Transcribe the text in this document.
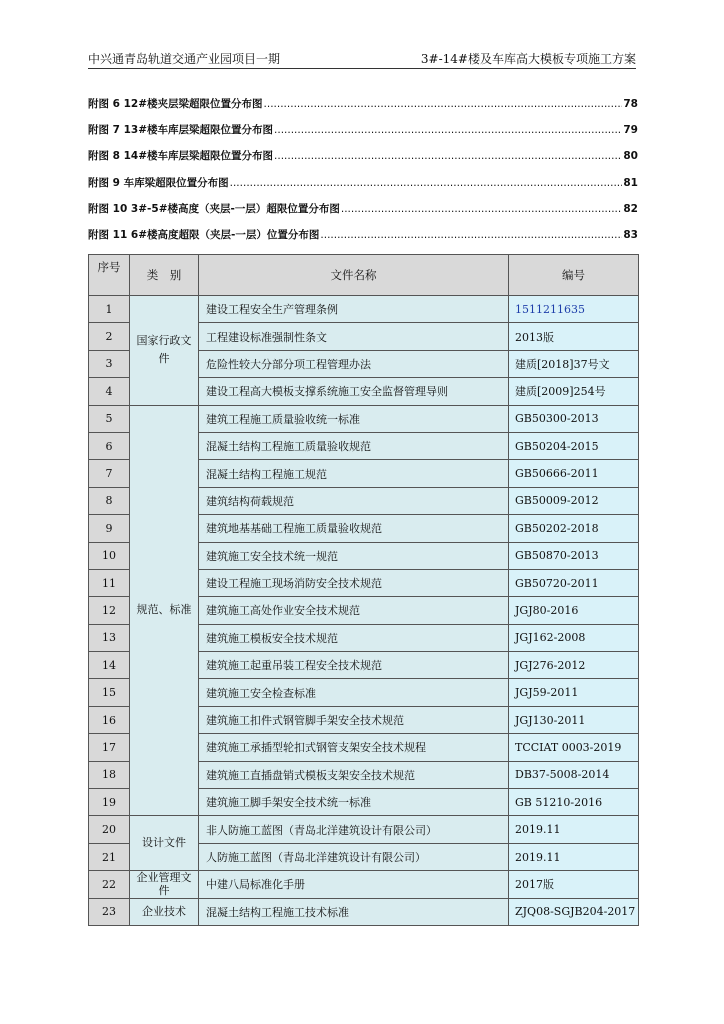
中兴通青岛轨道交通产业园项目一期	3#-14#楼及车库高大模板专项施工方案
附图 6 12#楼夹层梁超限位置分布图 .....	78
附图 7 13#楼车库层梁超限位置分布图 .....	79
附图 8 14#楼车库层梁超限位置分布图 .....	80
附图 9 车库梁超限位置分布图 .....	81
附图 10 3#-5#楼高度（夹层-一层）超限位置分布图 .....	82
附图 11 6#楼高度超限（夹层-一层）位置分布图 .....	83
序号	类　别	文件名称	编号
1	国家行政文件	建设工程安全生产管理条例	1511211635
2		工程建设标准强制性条文	2013版
3		危险性较大分部分项工程管理办法	建质[2018]37号文
4		建设工程高大模板支撑系统施工安全监督管理导则	建质[2009]254号
5	规范、标准	建筑工程施工质量验收统一标准	GB50300-2013
6		混凝土结构工程施工质量验收规范	GB50204-2015
7		混凝土结构工程施工规范	GB50666-2011
8		建筑结构荷载规范	GB50009-2012
9		建筑地基基础工程施工质量验收规范	GB50202-2018
10		建筑施工安全技术统一规范	GB50870-2013
11		建设工程施工现场消防安全技术规范	GB50720-2011
12		建筑施工高处作业安全技术规范	JGJ80-2016
13		建筑施工模板安全技术规范	JGJ162-2008
14		建筑施工起重吊装工程安全技术规范	JGJ276-2012
15		建筑施工安全检查标准	JGJ59-2011
16		建筑施工扣件式钢管脚手架安全技术规范	JGJ130-2011
17		建筑施工承插型轮扣式钢管支架安全技术规程	TCCIAT 0003-2019
18		建筑施工直插盘销式模板支架安全技术规范	DB37-5008-2014
19		建筑施工脚手架安全技术统一标准	GB 51210-2016
20	设计文件	非人防施工蓝图（青岛北洋建筑设计有限公司）	2019.11
21		人防施工蓝图（青岛北洋建筑设计有限公司）	2019.11
22	企业管理文件	中建八局标准化手册	2017版
23	企业技术	混凝土结构工程施工技术标准	ZJQ08-SGJB204-2017
